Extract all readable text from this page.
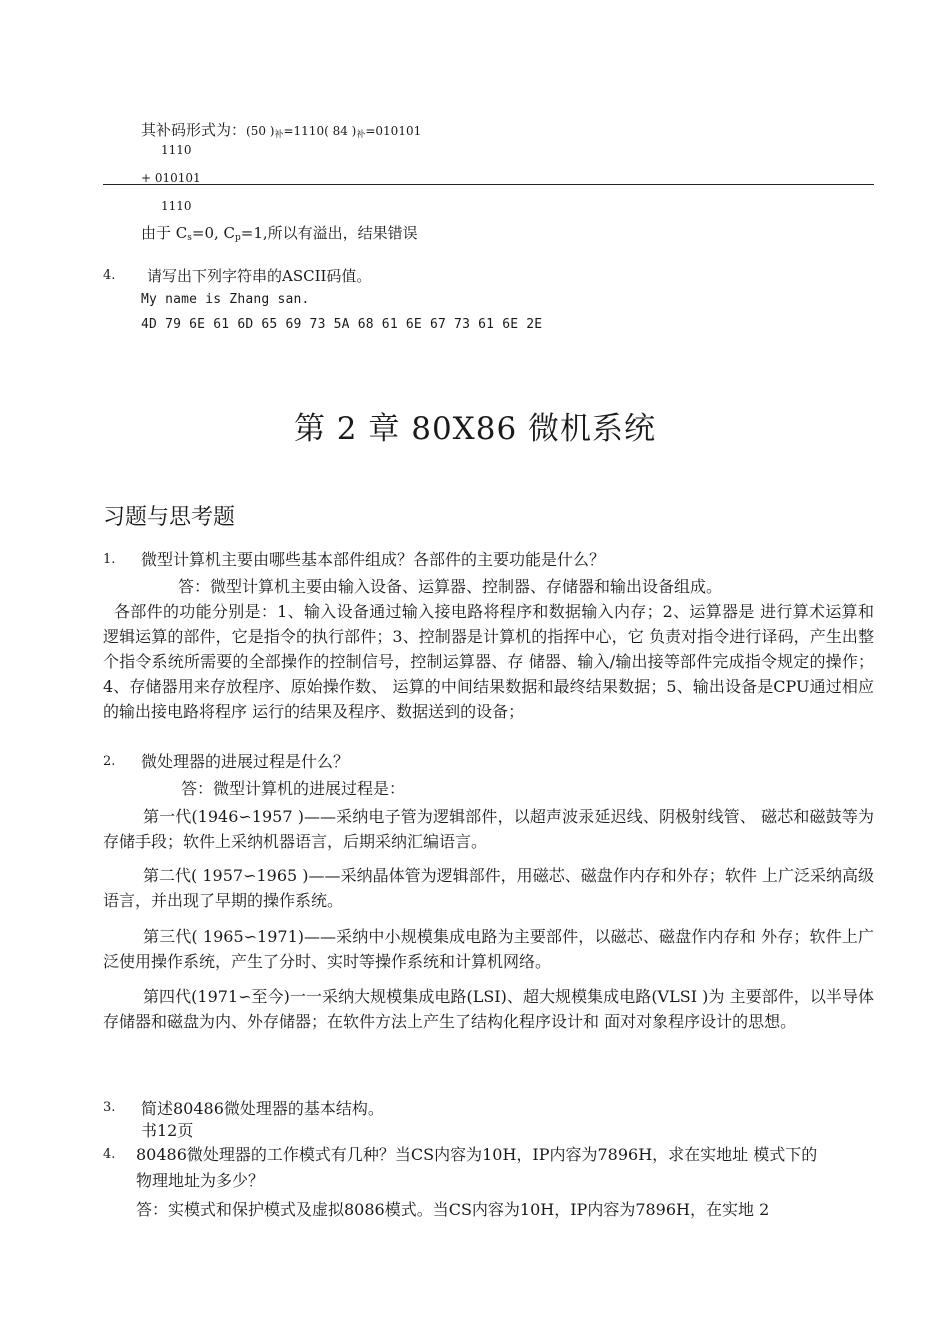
其补码形式为：(50 )$_补=1110$( 84 )$_补=010101$
1110
+ 010101
1110
由于 $C_s=0$, $C_p=1$,所以有溢出，结果错误
4. 请写出下列字符串的ASCII码值。
My name is Zhang san.
4D 79 6E 61 6D 65 69 73 5A 68 61 6E 67 73 61 6E 2E
第 2 章 80X86 微机系统
习题与思考题
1. 微型计算机主要由哪些基本部件组成？各部件的主要功能是什么？
答：微型计算机主要由输入设备、运算器、控制器、存储器和输出设备组成。
各部件的功能分别是：1、输入设备通过输入接电路将程序和数据输入内存；2、运算器是 进行算术运算和逻辑运算的部件，它是指令的执行部件；3、控制器是计算机的指挥中心，它 负责对指令进行译码，产生出整个指令系统所需要的全部操作的控制信号，控制运算器、存 储器、输入/输出接等部件完成指令规定的操作；4、存储器用来存放程序、原始操作数、 运算的中间结果数据和最终结果数据；5、输出设备是CPU通过相应的输出接电路将程序 运行的结果及程序、数据送到的设备；
2. 微处理器的进展过程是什么？
答：微型计算机的进展过程是：
第一代(1946∽1957 )——采纳电子管为逻辑部件，以超声波汞延迟线、阴极射线管、 磁芯和磁鼓等为存储手段；软件上采纳机器语言，后期采纳汇编语言。
第二代( 1957∽1965 )——采纳晶体管为逻辑部件，用磁芯、磁盘作内存和外存；软件 上广泛采纳高级语言，并出现了早期的操作系统。
第三代( 1965∽1971)——采纳中小规模集成电路为主要部件，以磁芯、磁盘作内存和 外存；软件上广泛使用操作系统，产生了分时、实时等操作系统和计算机网络。
第四代(1971∽至今)一一采纳大规模集成电路(LSI)、超大规模集成电路(VLSI )为 主要部件，以半导体存储器和磁盘为内、外存储器；在软件方法上产生了结构化程序设计和 面对对象程序设计的思想。
3. 简述80486微处理器的基本结构。
书12页
4. 80486微处理器的工作模式有几种？当CS内容为10H，IP内容为7896H，求在实地址 模式下的
物理地址为多少？
答：实模式和保护模式及虚拟8086模式。当CS内容为10H，IP内容为7896H，在实地 2
